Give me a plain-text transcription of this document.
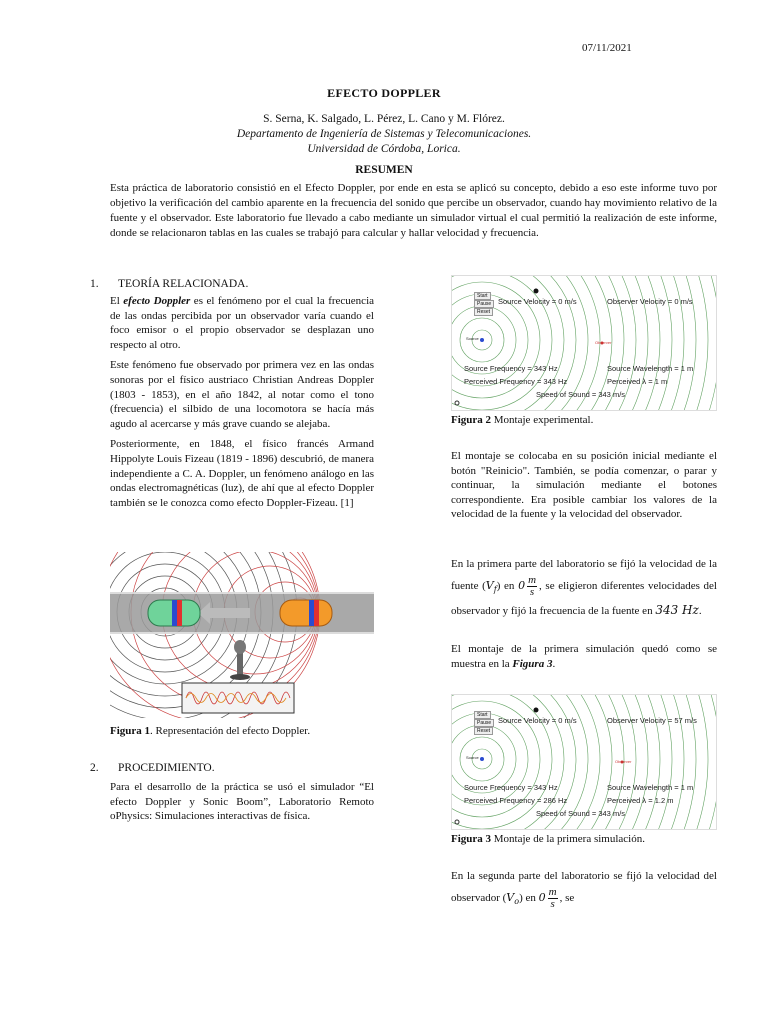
07/11/2021
EFECTO DOPPLER
S. Serna, K. Salgado, L. Pérez, L. Cano y M. Flórez.
Departamento de Ingeniería de Sistemas y Telecomunicaciones.
Universidad de Córdoba, Lorica.
RESUMEN
Esta práctica de laboratorio consistió en el Efecto Doppler, por ende en esta se aplicó su concepto, debido a eso este informe tuvo por objetivo la verificación del cambio aparente en la frecuencia del sonido que percibe un observador, cuando hay movimiento relativo de la fuente y el observador. Este laboratorio fue llevado a cabo mediante un simulador virtual el cual permitió la realización de este informe, donde se relacionaron tablas en las cuales se trabajó para calcular y hallar velocidad y frecuencia.
1. TEORÍA RELACIONADA.

El efecto Doppler es el fenómeno por el cual la frecuencia de las ondas percibida por un observador varía cuando el foco emisor o el propio observador se desplazan uno respecto al otro.

Este fenómeno fue observado por primera vez en las ondas sonoras por el físico austriaco Christian Andreas Doppler (1803 - 1853), en el año 1842, al notar como el tono (frecuencia) el silbido de una locomotora se hacía más agudo al acercarse y más grave cuando se alejaba.

Posteriormente, en 1848, el físico francés Armand Hippolyte Louis Fizeau (1819 - 1896) descubrió, de manera independiente a C. A. Doppler, un fenómeno análogo en las ondas electromagnéticas (luz), de ahí que al efecto Doppler también se le conozca como efecto Doppler-Fizeau. [1]

Figura 1. Representación del efecto Doppler.
2. PROCEDIMIENTO.

Para el desarrollo de la práctica se usó el simulador “El efecto Doppler y Sonic Boom”, Laboratorio Remoto oPhysics: Simulaciones interactivas de física.

Start
Pause
Reset
Source Velocity = 0 m/s	Observer Velocity = 0 m/s
Source
Observer
Source Frequency = 343 Hz	Source Wavelength = 1 m
Perceived Frequency = 343 Hz	Perceived λ = 1 m
Speed of Sound = 343 m/s
Figura 2 Montaje experimental.

El montaje se colocaba en su posición inicial mediante el botón "Reinicio". También, se podía comenzar, o parar y continuar, la simulación mediante el botones correspondiente. Era posible cambiar los valores de la velocidad de la fuente y la velocidad del observador.

En la primera parte del laboratorio se fijó la velocidad de la fuente $(V_f)$ en $0 \frac{m}{s}$ , se eligieron diferentes velocidades del observador y fijó la frecuencia de la fuente en 343 Hz.

El montaje de la primera simulación quedó como se muestra en la Figura 3.

Start
Pause
Reset
Source Velocity = 0 m/s	Observer Velocity = 57 m/s
Source
Observer
Source Frequency = 343 Hz	Source Wavelength = 1 m
Perceived Frequency = 286 Hz	Perceived λ = 1.2 m
Speed of Sound = 343 m/s
Figura 3 Montaje de la primera simulación.

En la segunda parte del laboratorio se fijó la velocidad del observador $(V_o)$ en $0 \frac{m}{s}$ , se
